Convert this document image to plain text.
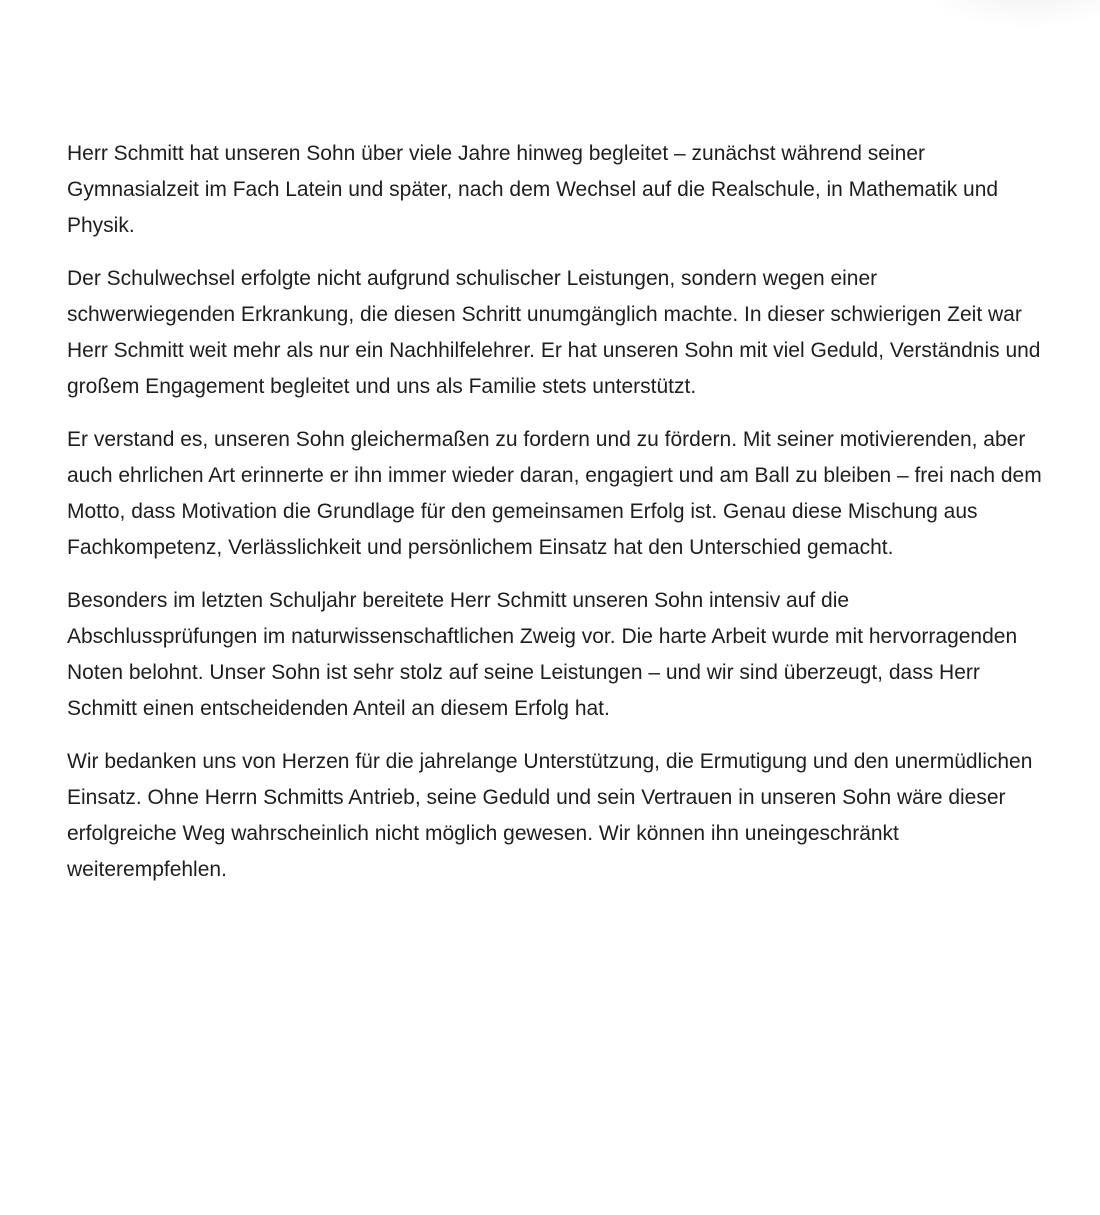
Herr Schmitt hat unseren Sohn über viele Jahre hinweg begleitet – zunächst während seiner Gymnasialzeit im Fach Latein und später, nach dem Wechsel auf die Realschule, in Mathematik und Physik.

Der Schulwechsel erfolgte nicht aufgrund schulischer Leistungen, sondern wegen einer schwerwiegenden Erkrankung, die diesen Schritt unumgänglich machte. In dieser schwierigen Zeit war Herr Schmitt weit mehr als nur ein Nachhilfelehrer. Er hat unseren Sohn mit viel Geduld, Verständnis und großem Engagement begleitet und uns als Familie stets unterstützt.

Er verstand es, unseren Sohn gleichermaßen zu fordern und zu fördern. Mit seiner motivierenden, aber auch ehrlichen Art erinnerte er ihn immer wieder daran, engagiert und am Ball zu bleiben – frei nach dem Motto, dass Motivation die Grundlage für den gemeinsamen Erfolg ist. Genau diese Mischung aus Fachkompetenz, Verlässlichkeit und persönlichem Einsatz hat den Unterschied gemacht.

Besonders im letzten Schuljahr bereitete Herr Schmitt unseren Sohn intensiv auf die Abschlussprüfungen im naturwissenschaftlichen Zweig vor. Die harte Arbeit wurde mit hervorragenden Noten belohnt. Unser Sohn ist sehr stolz auf seine Leistungen – und wir sind überzeugt, dass Herr Schmitt einen entscheidenden Anteil an diesem Erfolg hat.

Wir bedanken uns von Herzen für die jahrelange Unterstützung, die Ermutigung und den unermüdlichen Einsatz. Ohne Herrn Schmitts Antrieb, seine Geduld und sein Vertrauen in unseren Sohn wäre dieser erfolgreiche Weg wahrscheinlich nicht möglich gewesen. Wir können ihn uneingeschränkt weiterempfehlen.
